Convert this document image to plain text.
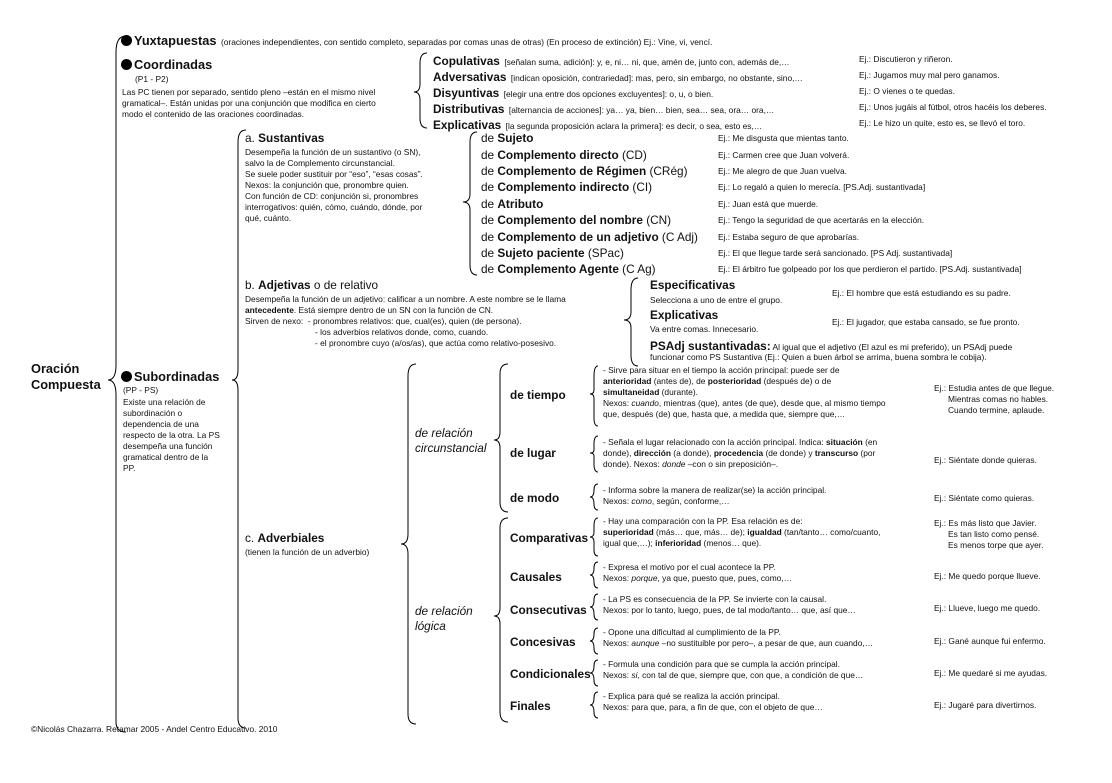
Oración
Compuesta
Yuxtapuestas (oraciones independientes, con sentido completo, separadas por comas unas de otras) (En proceso de extinción) Ej.: Vine, vi, vencí.
Coordinadas
(P1 - P2)
Las PC tienen por separado, sentido pleno –están en el mismo nivel
gramatical–. Están unidas por una conjunción que modifica en cierto
modo el contenido de las oraciones coordinadas.
Copulativas [señalan suma, adición]: y, e, ni… ni, que, amén de, junto con, además de,…	Ej.: Discutieron y riñeron.
Adversativas [indican oposición, contrariedad]: mas, pero, sin embargo, no obstante, sino,…	Ej.: Jugamos muy mal pero ganamos.
Disyuntivas [elegir una entre dos opciones excluyentes]: o, u, o bien.	Ej.: O vienes o te quedas.
Distributivas [alternancia de acciones]: ya… ya, bien… bien, sea… sea, ora… ora,…	Ej.: Unos jugáis al fútbol, otros hacéis los deberes.
Explicativas [la segunda proposición aclara la primera]: es decir, o sea, esto es,…	Ej.: Le hizo un quite, esto es, se llevó el toro.
Subordinadas
(PP - PS)
Existe una relación de
subordinación o
dependencia de una
respecto de la otra. La PS
desempeña una función
gramatical dentro de la
PP.
a. Sustantivas
Desempeña la función de un sustantivo (o SN),
salvo la de Complemento circunstancial.
Se suele poder sustituir por “eso”, “esas cosas”.
Nexos: la conjunción que, pronombre quien.
Con función de CD: conjunción si, pronombres
interrogativos: quién, cómo, cuándo, dónde, por
qué, cuánto.
de Sujeto	Ej.: Me disgusta que mientas tanto.
de Complemento directo (CD)	Ej.: Carmen cree que Juan volverá.
de Complemento de Régimen (CRég)	Ej.: Me alegro de que Juan vuelva.
de Complemento indirecto (CI)	Ej.: Lo regaló a quien lo merecía. [PS.Adj. sustantivada]
de Atributo	Ej.: Juan está que muerde.
de Complemento del nombre (CN)	Ej.: Tengo la seguridad de que acertarás en la elección.
de Complemento de un adjetivo (C Adj) Ej.: Estaba seguro de que aprobarías.
de Sujeto paciente (SPac)	Ej.: El que llegue tarde será sancionado. [PS Adj. sustantivada]
de Complemento Agente (C Ag)	Ej.: El árbitro fue golpeado por los que perdieron el partido. [PS.Adj. sustantivada]
b. Adjetivas o de relativo
Desempeña la función de un adjetivo: calificar a un nombre. A este nombre se le llama
antecedente. Está siempre dentro de un SN con la función de CN.
Sirven de nexo: - pronombres relativos: que, cual(es), quien (de persona).
- los adverbios relativos donde, como, cuando.
- el pronombre cuyo (a/os/as), que actúa como relativo-posesivo.
Especificativas
Selecciona a uno de entre el grupo.
Ej.: El hombre que está estudiando es su padre.
Explicativas
Va entre comas. Innecesario.
Ej.: El jugador, que estaba cansado, se fue pronto.
PSAdj sustantivadas: Al igual que el adjetivo (El azul es mi preferido), un PSAdj puede
funcionar como PS Sustantiva (Ej.: Quien a buen árbol se arrima, buena sombra le cobija).
c. Adverbiales
(tienen la función de un adverbio)
de relación
circunstancial
de relación
lógica
de tiempo
- Sirve para situar en el tiempo la acción principal: puede ser de
anterioridad (antes de), de posterioridad (después de) o de
simultaneidad (durante).
Nexos: cuando, mientras (que), antes (de que), desde que, al mismo tiempo
que, después (de) que, hasta que, a medida que, siempre que,…
Ej.: Estudia antes de que llegue.
Mientras comas no hables.
Cuando termine, aplaude.
de lugar
- Señala el lugar relacionado con la acción principal. Indica: situación (en
donde), dirección (a donde), procedencia (de donde) y transcurso (por
donde). Nexos: donde –con o sin preposición–.	Ej.: Siéntate donde quieras.
de modo
- Informa sobre la manera de realizar(se) la acción principal.
Nexos: como, según, conforme,…	Ej.: Siéntate como quieras.
Comparativas
- Hay una comparación con la PP. Esa relación es de:
superioridad (más… que, más… de); igualdad (tan/tanto… como/cuanto,
igual que,…); inferioridad (menos… que).
Ej.: Es más listo que Javier.
Es tan listo como pensé.
Es menos torpe que ayer.
Causales
- Expresa el motivo por el cual acontece la PP.
Nexos: porque, ya que, puesto que, pues, como,…	Ej.: Me quedo porque llueve.
Consecutivas
- La PS es consecuencia de la PP. Se invierte con la causal.
Nexos: por lo tanto, luego, pues, de tal modo/tanto… que, así que…	Ej.: Llueve, luego me quedo.
Concesivas
- Opone una dificultad al cumplimiento de la PP.
Nexos: aunque –no sustituible por pero–, a pesar de que, aun cuando,…	Ej.: Gané aunque fui enfermo.
Condicionales
- Formula una condición para que se cumpla la acción principal.
Nexos: si, con tal de que, siempre que, con que, a condición de que…	Ej.: Me quedaré si me ayudas.
Finales
- Explica para qué se realiza la acción principal.
Nexos: para que, para, a fin de que, con el objeto de que…	Ej.: Jugaré para divertirnos.
©Nicolás Chazarra. Retamar 2005 - Andel Centro Educativo. 2010
